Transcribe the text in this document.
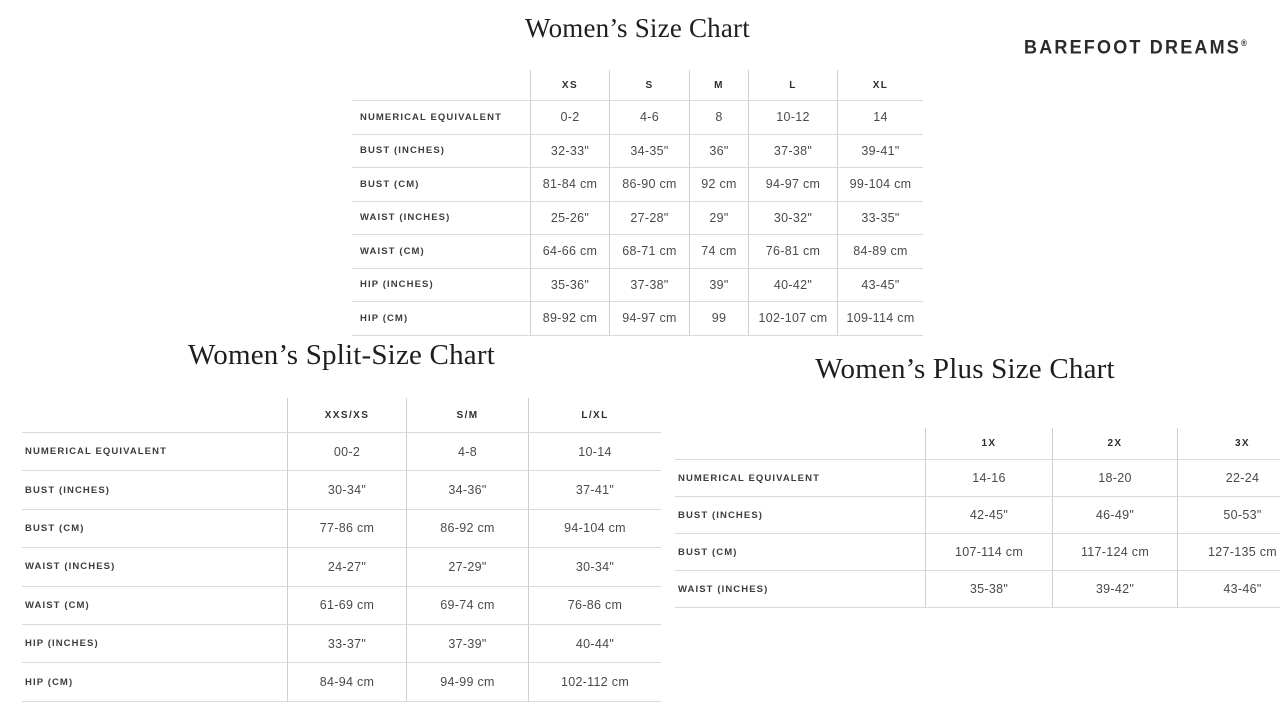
Women’s Size Chart
XS	S	M	L	XL
NUMERICAL EQUIVALENT	0-2	4-6	8	10-12	14
BUST (INCHES)	32-33"	34-35"	36"	37-38"	39-41"
BUST (CM)	81-84 cm	86-90 cm	92 cm	94-97 cm	99-104 cm
WAIST (INCHES)	25-26"	27-28"	29"	30-32"	33-35"
WAIST (CM)	64-66 cm	68-71 cm	74 cm	76-81 cm	84-89 cm
HIP (INCHES)	35-36"	37-38"	39"	40-42"	43-45"
HIP (CM)	89-92 cm	94-97 cm	99	102-107 cm	109-114 cm
BAREFOOT DREAMS®
Women’s Split-Size Chart
XXS/XS	S/M	L/XL
NUMERICAL EQUIVALENT	00-2	4-8	10-14
BUST (INCHES)	30-34"	34-36"	37-41"
BUST (CM)	77-86 cm	86-92 cm	94-104 cm
WAIST (INCHES)	24-27"	27-29"	30-34"
WAIST (CM)	61-69 cm	69-74 cm	76-86 cm
HIP (INCHES)	33-37"	37-39"	40-44"
HIP (CM)	84-94 cm	94-99 cm	102-112 cm
Women’s Plus Size Chart
1X	2X	3X
NUMERICAL EQUIVALENT	14-16	18-20	22-24
BUST (INCHES)	42-45"	46-49"	50-53"
BUST (CM)	107-114 cm	117-124 cm	127-135 cm
WAIST (INCHES)	35-38"	39-42"	43-46"
